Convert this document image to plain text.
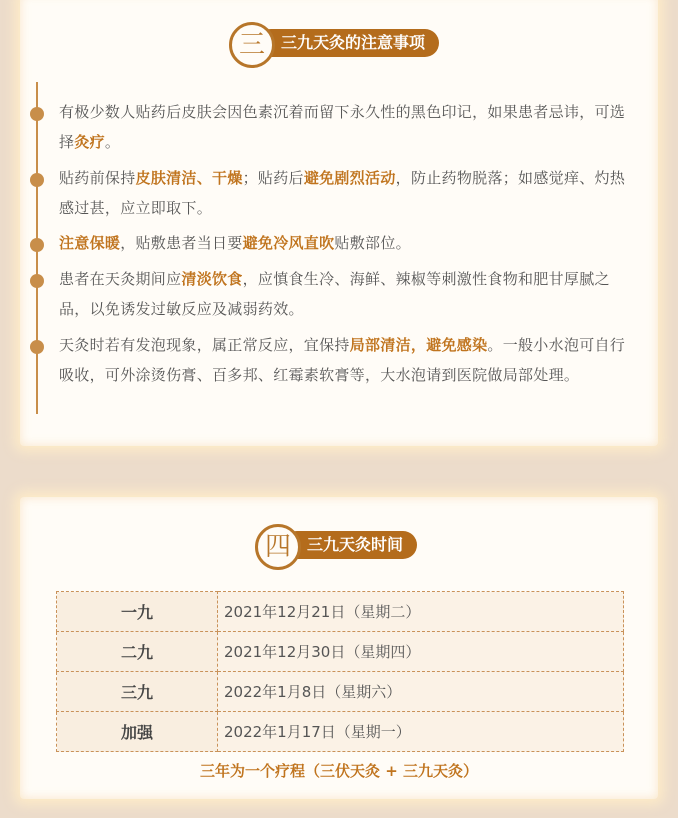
三	三九天灸的注意事项
有极少数人贴药后皮肤会因色素沉着而留下永久性的黑色印记，如果患者忌讳，可选择灸疗。
贴药前保持皮肤清洁、干燥；贴药后避免剧烈活动，防止药物脱落；如感觉痒、灼热感过甚，应立即取下。
注意保暖，贴敷患者当日要避免冷风直吹贴敷部位。
患者在天灸期间应清淡饮食，应慎食生冷、海鲜、辣椒等刺激性食物和肥甘厚腻之品，以免诱发过敏反应及减弱药效。
天灸时若有发泡现象，属正常反应，宜保持局部清洁，避免感染。一般小水泡可自行吸收，可外涂烫伤膏、百多邦、红霉素软膏等，大水泡请到医院做局部处理。
四	三九天灸时间
一九	2021年12月21日（星期二）
二九	2021年12月30日（星期四）
三九	2022年1月8日（星期六）
加强	2022年1月17日（星期一）
三年为一个疗程（三伏天灸 + 三九天灸）
